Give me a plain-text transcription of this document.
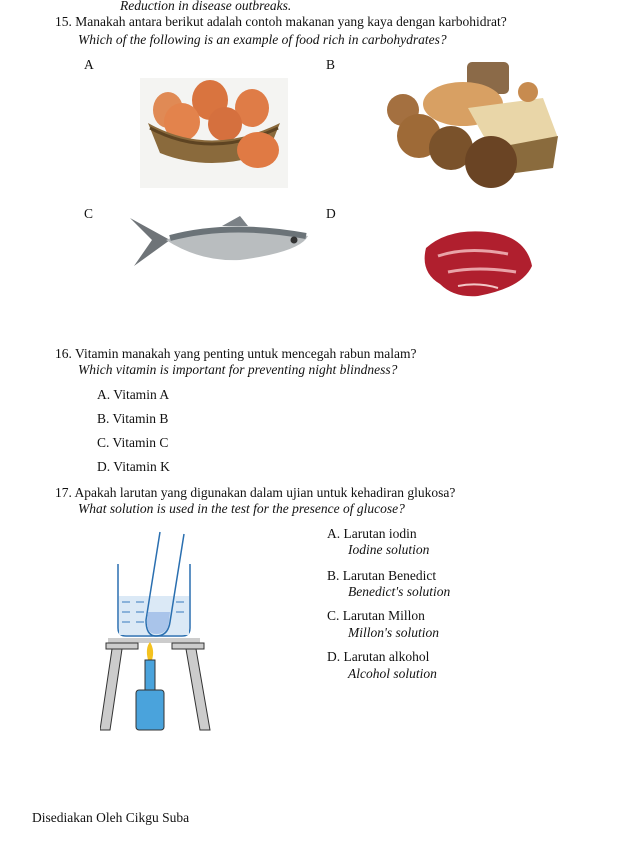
Reduction in disease outbreaks.
15. Manakah antara berikut adalah contoh makanan yang kaya dengan karbohidrat?
Which of the following is an example of food rich in carbohydrates?
A	B
C	D
16. Vitamin manakah yang penting untuk mencegah rabun malam?
Which vitamin is important for preventing night blindness?
A. Vitamin A
B. Vitamin B
C. Vitamin C
D. Vitamin K
17. Apakah larutan yang digunakan dalam ujian untuk kehadiran glukosa?
What solution is used in the test for the presence of glucose?
A. Larutan iodin
Iodine solution
B. Larutan Benedict
Benedict's solution
C. Larutan Millon
Millon's solution
D. Larutan alkohol
Alcohol solution
Disediakan Oleh Cikgu Suba
